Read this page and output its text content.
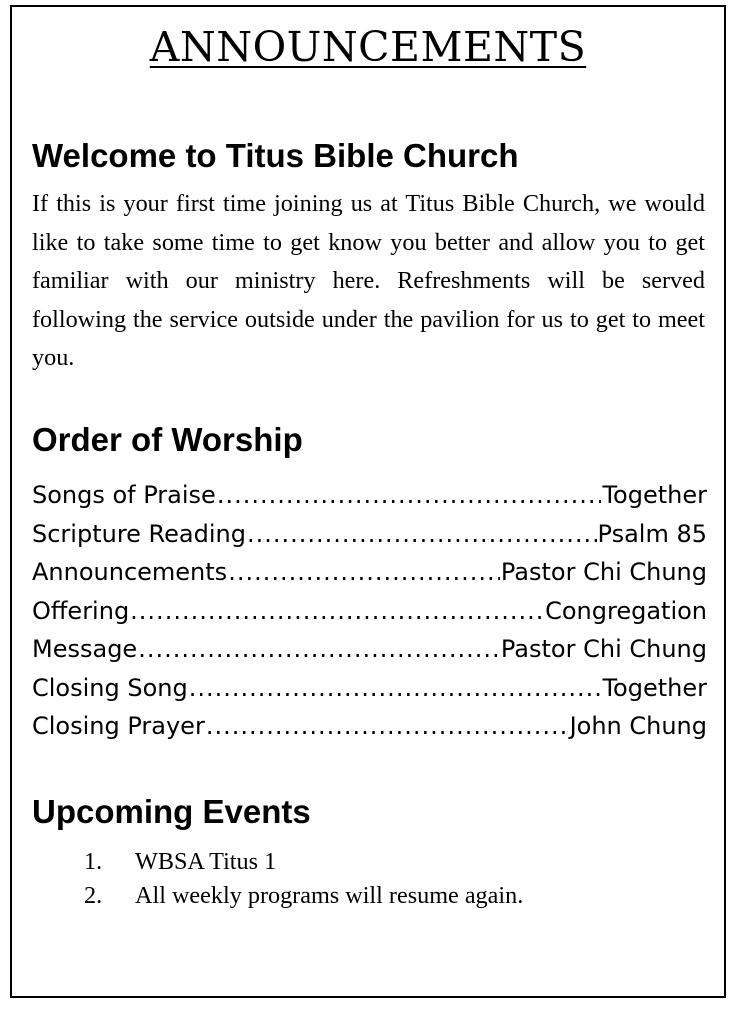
ANNOUNCEMENTS
Welcome to Titus Bible Church

If this is your first time joining us at Titus Bible Church, we would like to take some time to get know you better and allow you to get familiar with our ministry here. Refreshments will be served following the service outside under the pavilion for us to get to meet you.

Order of Worship
Songs of Praise .....	Together
Scripture Reading .....	Psalm 85
Announcements .....	Pastor Chi Chung
Offering .....	Congregation
Message .....	Pastor Chi Chung
Closing Song .....	Together
Closing Prayer .....	John Chung
Upcoming Events
1. WBSA Titus 1
2. All weekly programs will resume again.
